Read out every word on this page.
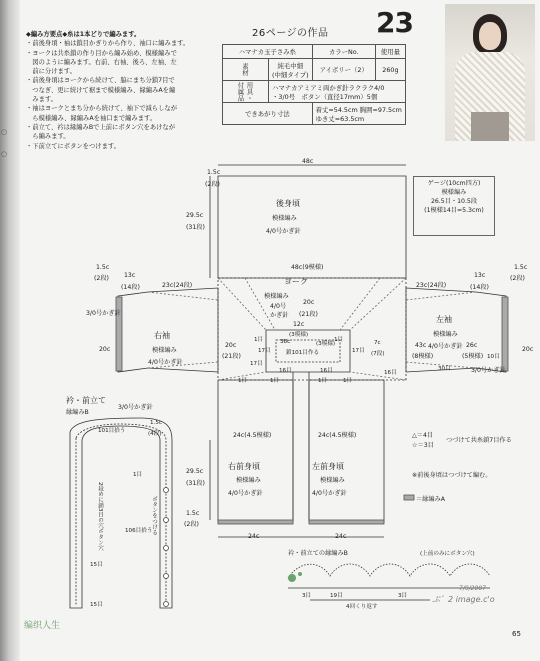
○
○
◆編み方要点◆糸は1本どりで編みます。
・前後身頃・袖は鎖目かぎりから作り、袖口に編みます。
・ヨークは共糸鎖の作り目から編み始め、模様編みで
　図のように編みます。右前、右袖、後ろ、左袖、左
　前に分けます。
・前後身頃はヨークから続けて、脇にまち分鎖7目で
　つなぎ、更に続けて裾まで模様編み、縁編みAを編
　みます。
・袖はヨークとまち分から続けて、袖下で減らしなが
　ら模様編み、縁編みAを袖口まで編みます。
・前立て、衿は縁編みBで上前にボタン穴をあけなが
　ら編みます。
・下前立てにボタンをつけます。
26ページの作品 23
ハマナカ玉子さみ糸		カラーNo.	使用量
素材	純毛中細
(中細タイプ)	アイボリー（2）	260g
用具・付属品	ハマナカアミアミ両かぎ針ラクラク4/0
・3/0号　ボタン（直径17mm）5個		
できあがり寸法		着丈=54.5cm 胸囲=97.5cm
ゆき丈=63.5cm	
後身頃
模様編み
4/0号かぎ針
48c
29.5c
(31段)
1.5c
(2段)
48c(9模様)
ヨーク
模様編み
4/0号
かぎ針
20c
(21段)
12c
(3模様)
鎖101目作る
38c	(3模様)
17目	17目
16目	16目
17目
1目	1目
1目	1目
1目	1目
7c
(7段)
右袖
模様編み
4/0号かぎ針
3/0号かぎ針
20c
20c
(21段)
1.5c
(2段) 13c
(14段)	23c(24段)
左袖
模様編み
4/0号かぎ針
3/0号かぎ針
20c
43c
(8模様)
26c
(5模様)
1.5c
(2段)
13c
(14段)
23c(24段)
30目
10目
16目
衿・前立て
縁編みB
3/0号かぎ針
101目拾う
1.5c
(4段)
2段めに鎖3目の穴ボタン穴	ボタンをつける
106目拾う
15目
1目
15目
右前身頃
模様編み
4/0号かぎ針
24c(4.5模様)
29.5c
(31段)
1.5c
(2段)
24c
左前身頃
模様編み
4/0号かぎ針
24c(4.5模様)
24c
ゲージ(10cm四方)
模様編み
26.5目・10.5段
(1模様14目=5.3cm)
△＝4目
☆＝3目
つづけて共糸鎖7目作る
※前後身頃はつづけて編む。
＝縁編みA
衿・前立ての縁編みB	(上前のみにボタン穴)
19目	3目
4回くり返す
3目
7/9/2007
ぷ゛2 image.c'o
编织人生
65
